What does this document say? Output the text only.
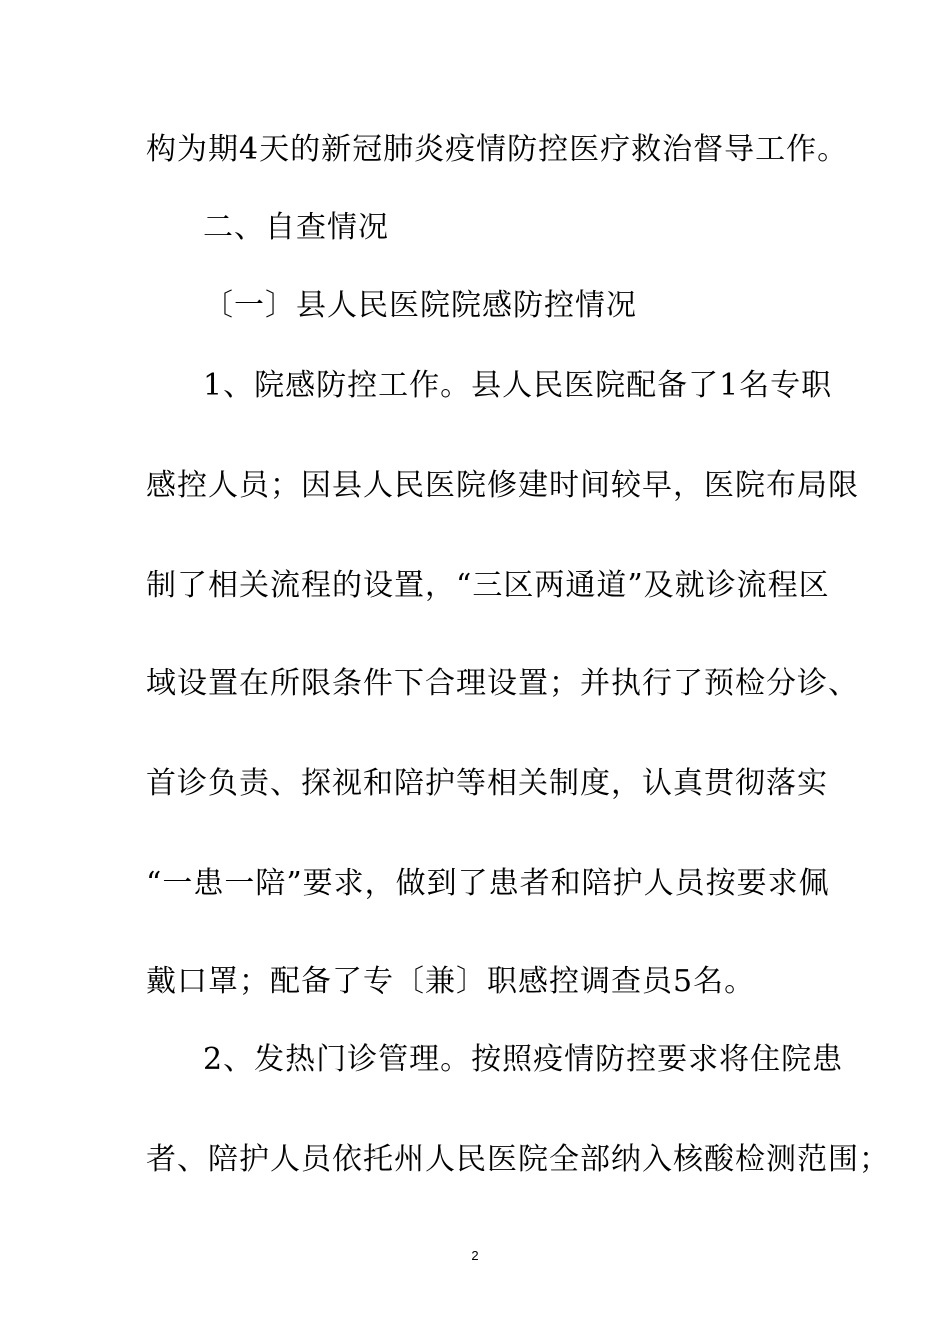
构为期4天的新冠肺炎疫情防控医疗救治督导工作。
二、自查情况
〔一〕县人民医院院感防控情况
1、院感防控工作。县人民医院配备了1名专职
感控人员；因县人民医院修建时间较早，医院布局限
制了相关流程的设置，“三区两通道”及就诊流程区
域设置在所限条件下合理设置；并执行了预检分诊、
首诊负责、探视和陪护等相关制度，认真贯彻落实
“一患一陪”要求，做到了患者和陪护人员按要求佩
戴口罩；配备了专〔兼〕职感控调查员5名。
2、发热门诊管理。按照疫情防控要求将住院患
者、陪护人员依托州人民医院全部纳入核酸检测范围；
2
